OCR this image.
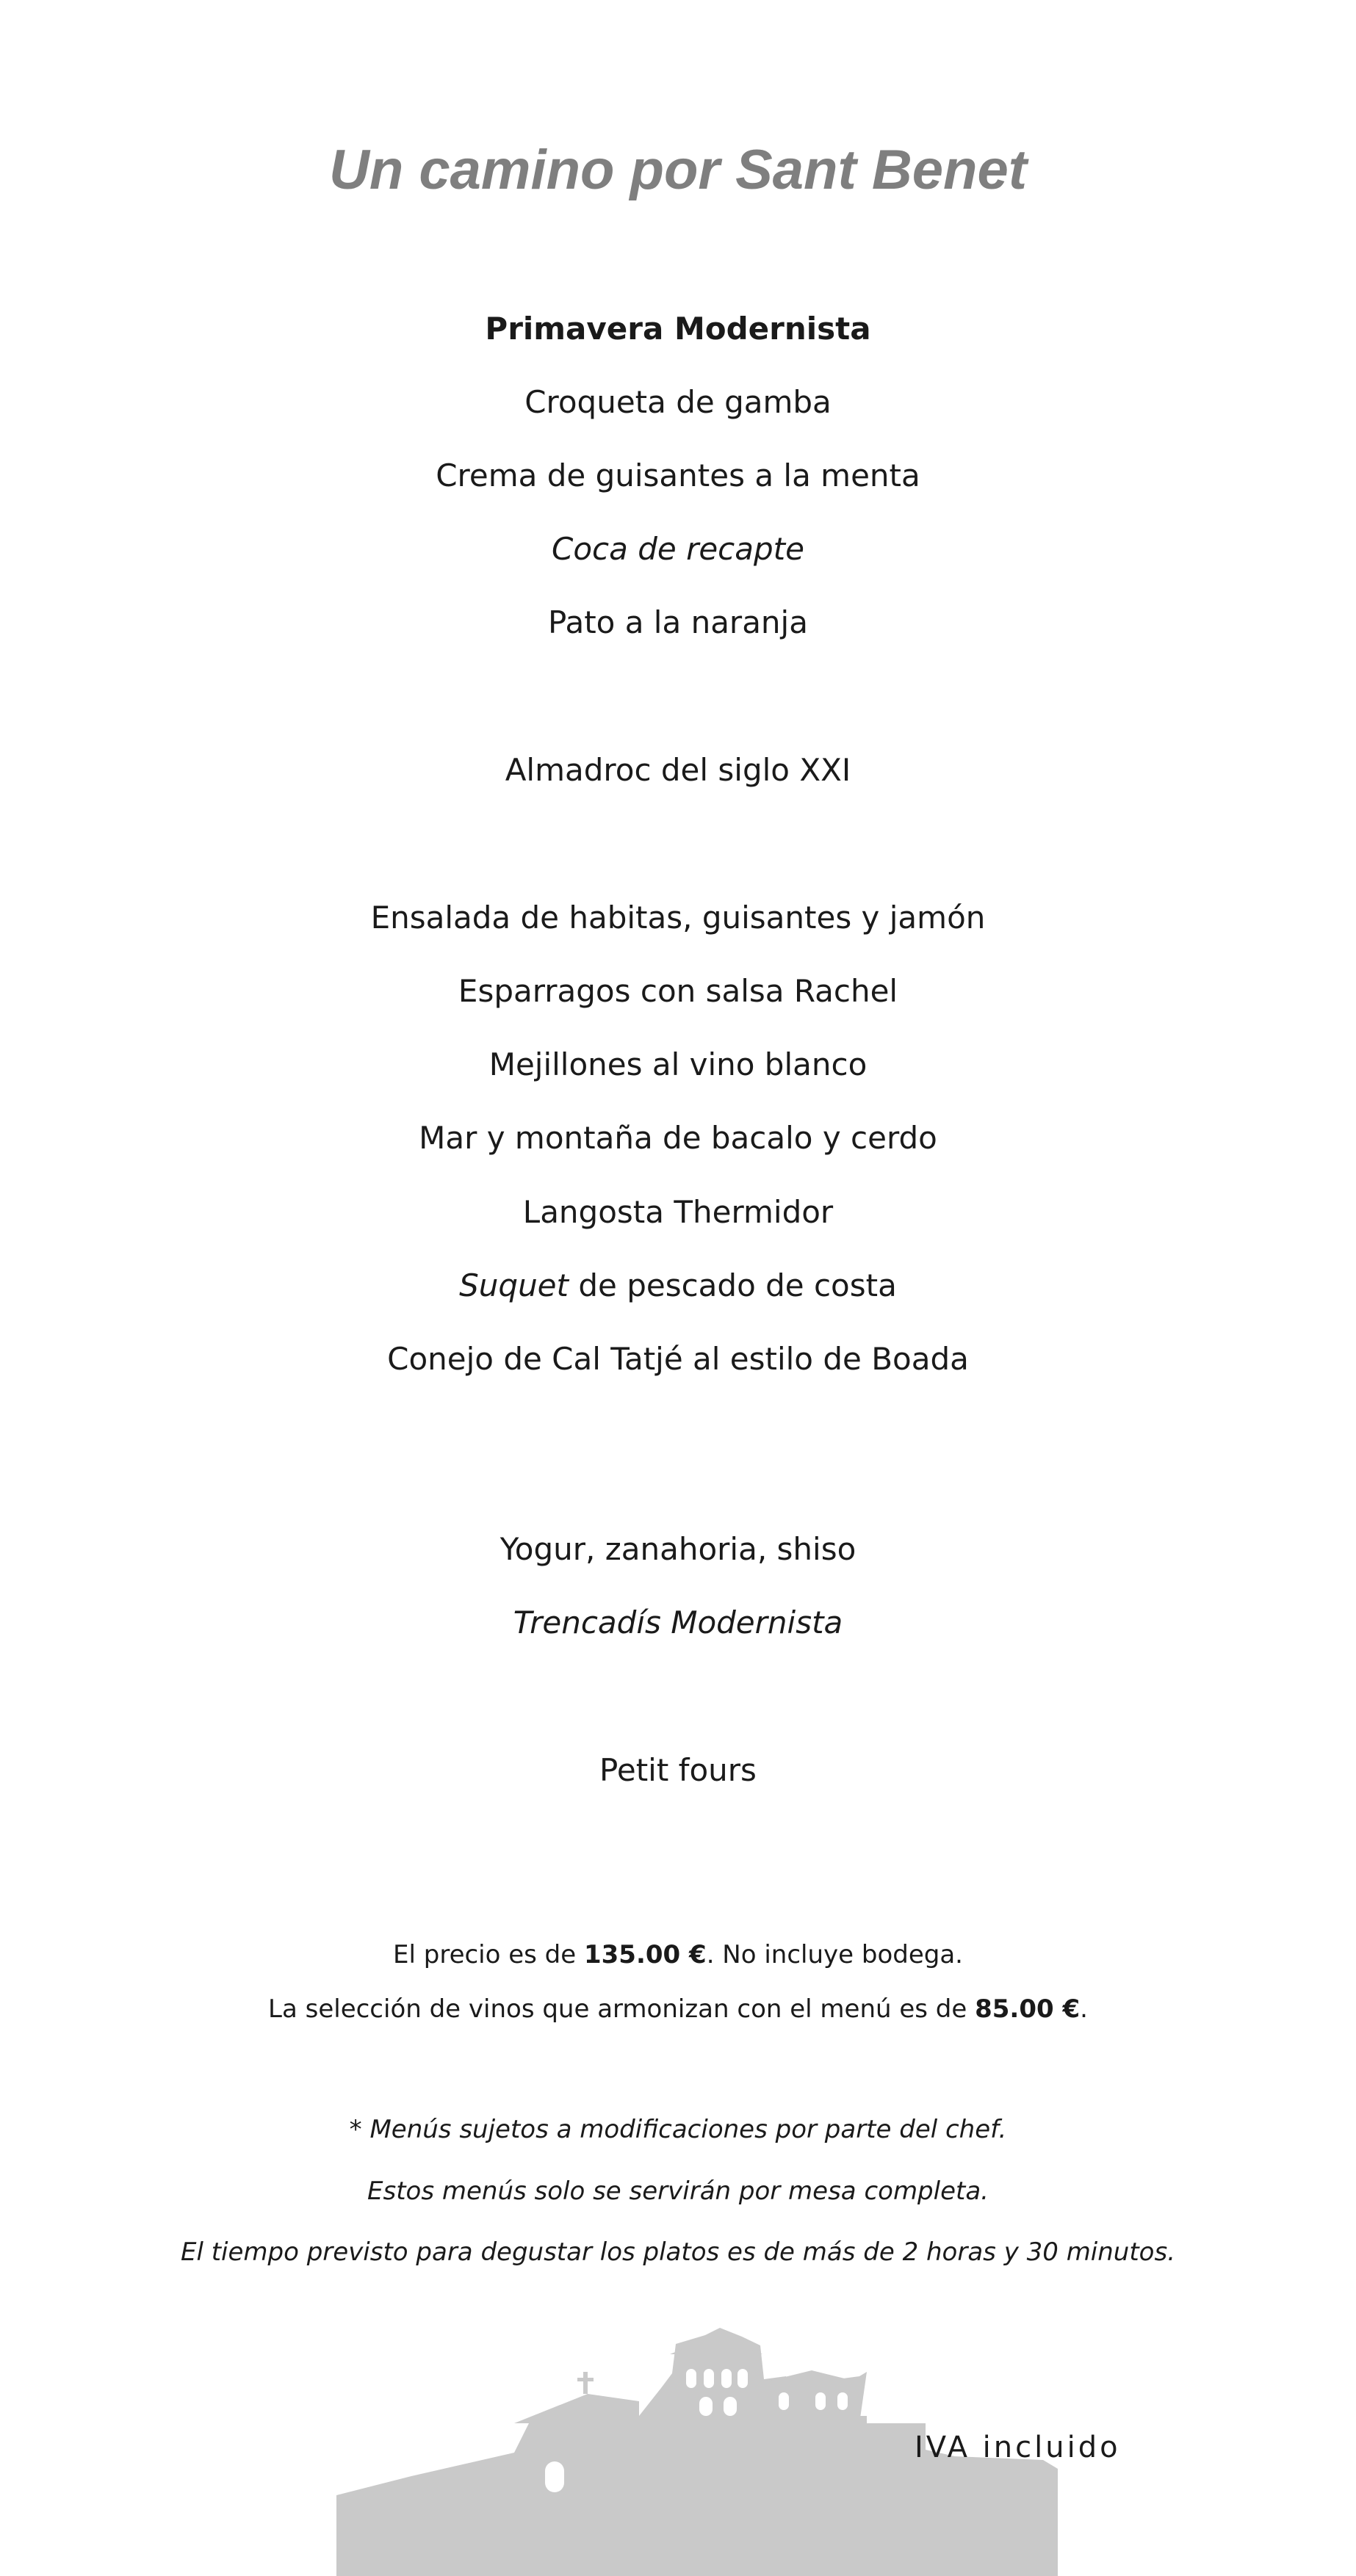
Un camino por Sant Benet
Primavera Modernista
Croqueta de gamba
Crema de guisantes a la menta
Coca de recapte
Pato a la naranja
Almadroc del siglo XXI
Ensalada de habitas, guisantes y jamón
Esparragos con salsa Rachel
Mejillones al vino blanco
Mar y montaña de bacalo y cerdo
Langosta Thermidor
Suquet de pescado de costa
Conejo de Cal Tatjé al estilo de Boada
Yogur, zanahoria, shiso
Trencadís Modernista
Petit fours
El precio es de 135.00 €. No incluye bodega.
La selección de vinos que armonizan con el menú es de 85.00 €.
* Menús sujetos a modificaciones por parte del chef.
Estos menús solo se servirán por mesa completa.
El tiempo previsto para degustar los platos es de más de 2 horas y 30 minutos.
IVA incluido
